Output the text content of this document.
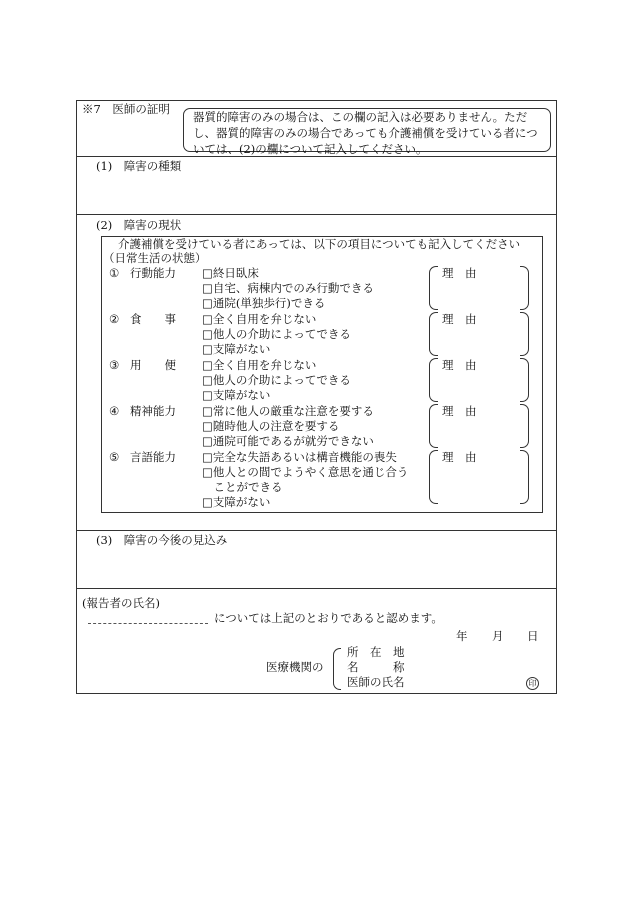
※7　医師の証明
器質的障害のみの場合は、この欄の記入は必要ありません。ただし、器質的障害のみの場合であっても介護補償を受けている者については、(2)の欄について記入してください。
(1)　障害の種類
(2)　障害の現状
介護補償を受けている者にあっては、以下の項目についても記入してください
（日常生活の状態）
① 行動能力 □終日臥床
□自宅、病棟内でのみ行動できる
□通院(単独歩行)できる
理　由
② 食　　事 □全く自用を弁じない
□他人の介助によってできる
□支障がない
理　由
③ 用　　便 □全く自用を弁じない
□他人の介助によってできる
□支障がない
理　由
④ 精神能力 □常に他人の厳重な注意を要する
□随時他人の注意を要する
□通院可能であるが就労できない
理　由
⑤ 言語能力 □完全な失語あるいは構音機能の喪失
□他人との間でようやく意思を通じ合う
　ことができる
□支障がない
理　由
(3)　障害の今後の見込み
(報告者の氏名)
については上記のとおりであると認めます。
年 月 日
医療機関の
所　在　地
名　　　称
医師の氏名	印
